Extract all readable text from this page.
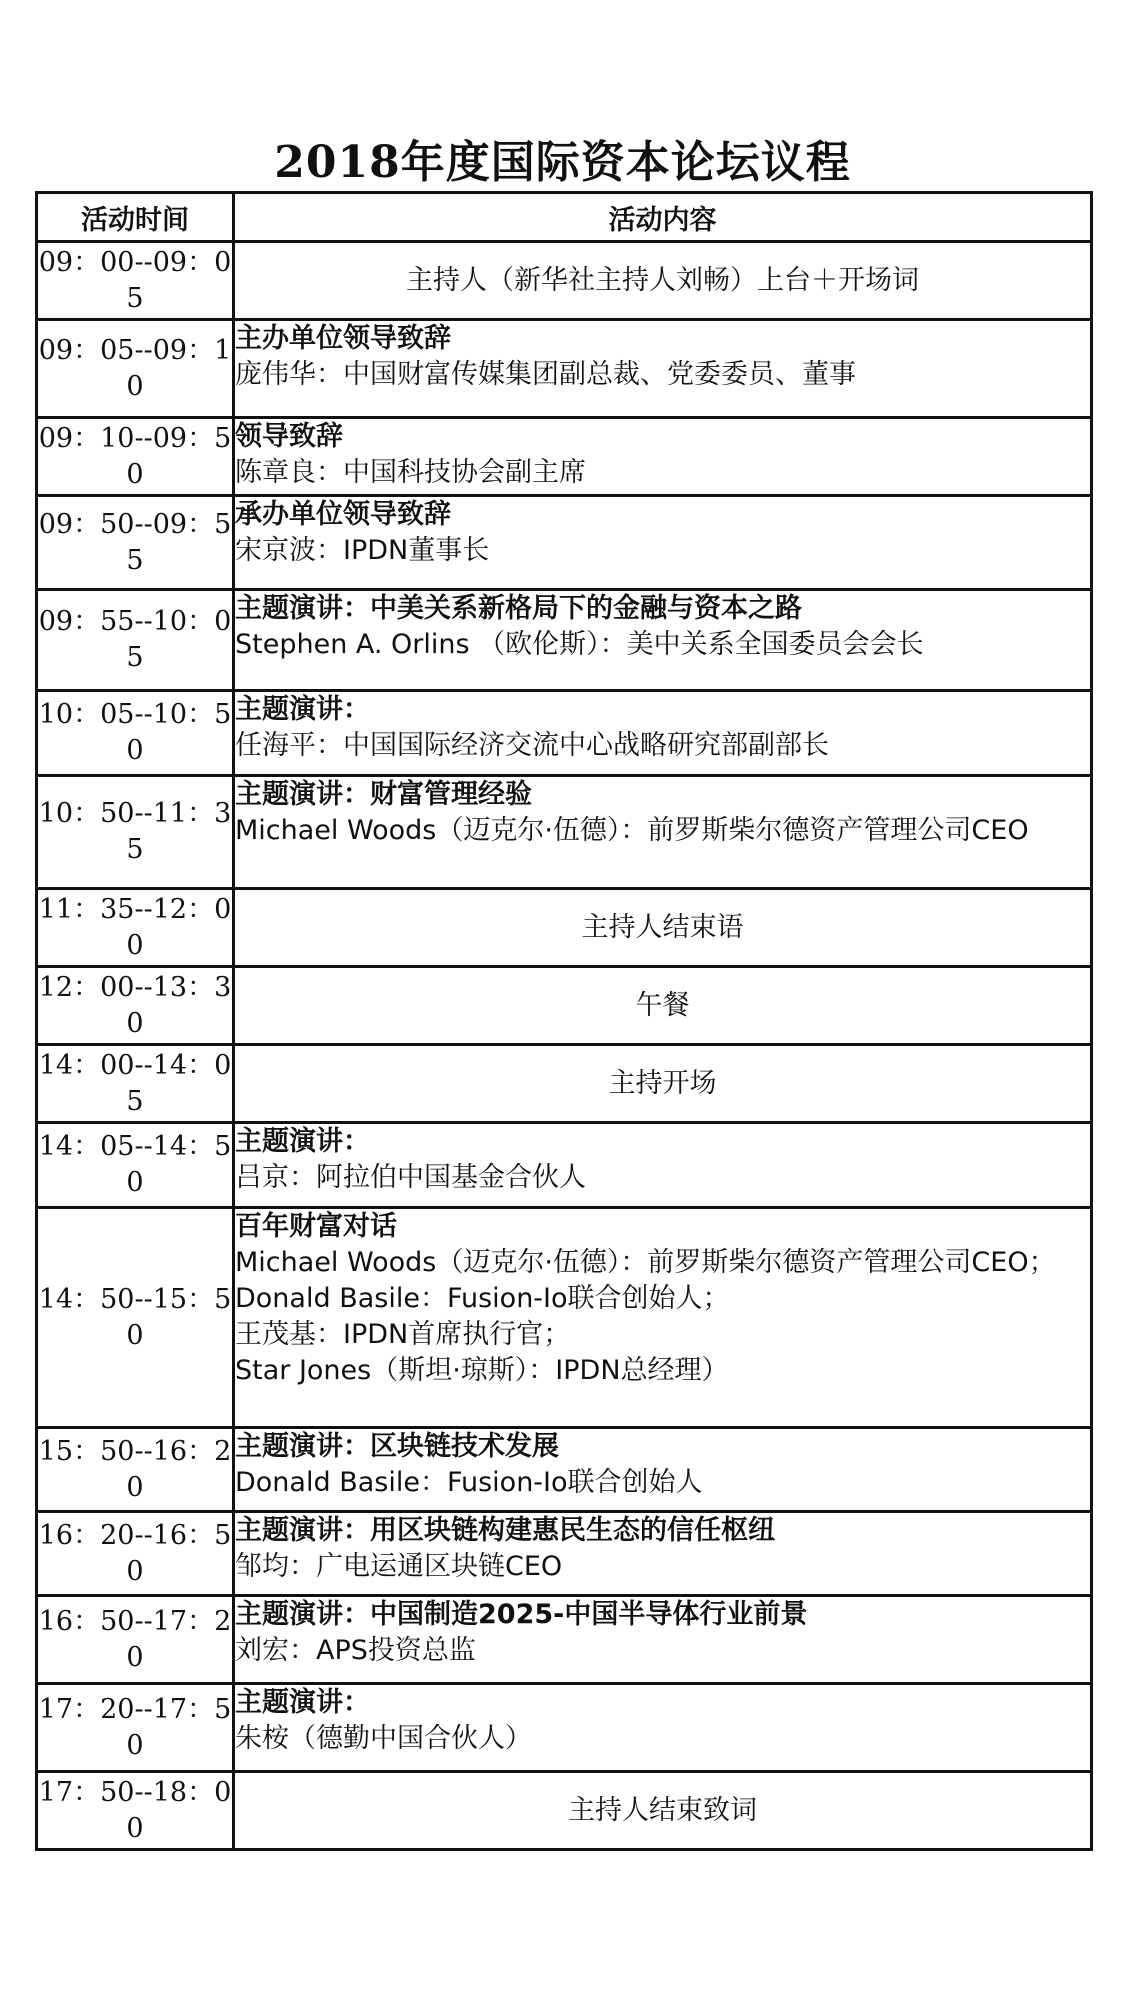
2018年度国际资本论坛议程
活动时间	活动内容
09：00--09：05	主持人（新华社主持人刘畅）上台＋开场词
09：05--09：10	主办单位领导致辞
庞伟华：中国财富传媒集团副总裁、党委委员、董事

09：10--09：50	领导致辞
陈章良：中国科技协会副主席

09：50--09：55	承办单位领导致辞
宋京波：IPDN董事长

09：55--10：05	主题演讲：中美关系新格局下的金融与资本之路
Stephen A. Orlins （欧伦斯）：美中关系全国委员会会长

10：05--10：50	主题演讲：
任海平：中国国际经济交流中心战略研究部副部长

10：50--11：35	主题演讲：财富管理经验
Michael Woods（迈克尔·伍德）：前罗斯柴尔德资产管理公司CEO

11：35--12：00	主持人结束语
12：00--13：30	午餐
14：00--14：05	主持开场
14：05--14：50	主题演讲：
吕京：阿拉伯中国基金合伙人

14：50--15：50	百年财富对话
Michael Woods（迈克尔·伍德）：前罗斯柴尔德资产管理公司CEO；
Donald Basile：Fusion-Io联合创始人；
王茂基：IPDN首席执行官；
Star Jones（斯坦·琼斯）：IPDN总经理）

15：50--16：20	主题演讲：区块链技术发展
Donald Basile：Fusion-Io联合创始人

16：20--16：50	主题演讲：用区块链构建惠民生态的信任枢纽
邹均：广电运通区块链CEO

16：50--17：20	主题演讲：中国制造2025-中国半导体行业前景
刘宏：APS投资总监

17：20--17：50	主题演讲：
朱桉（德勤中国合伙人）

17：50--18：00	主持人结束致词
